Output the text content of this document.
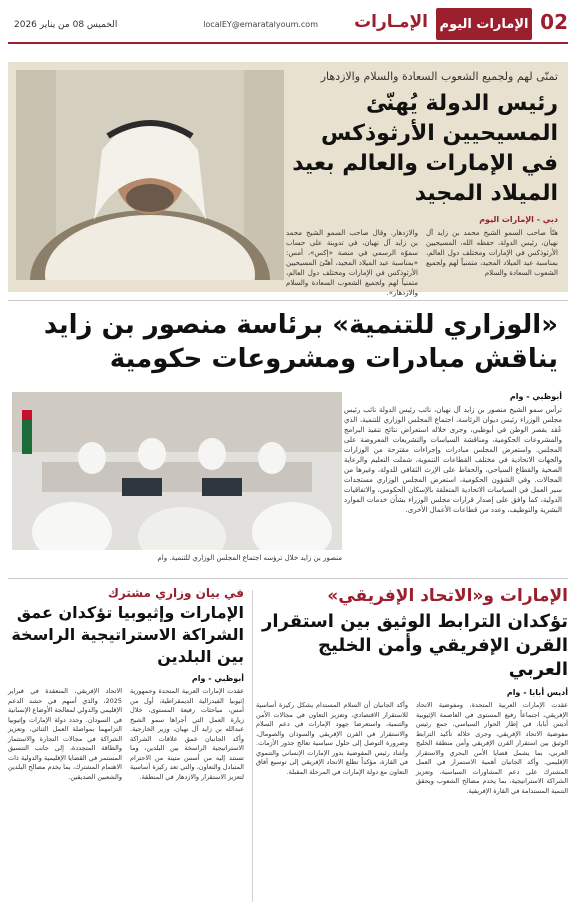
02
الإمارات اليوم
الإمـارات
localEY@emaratalyoum.com
الخميس 08 من يناير 2026
تمنّى لهم ولجميع الشعوب السعادة والسلام والازدهار
رئيس الدولة يُهنّئ المسيحيين الأرثوذكس في الإمارات والعالم بعيد الميلاد المجيد
دبي - الإمارات اليوم
هنّأ صاحب السمو الشيخ محمد بن زايد آل نهيان، رئيس الدولة، حفظه الله، المسيحيين الأرثوذكس في الإمارات ومختلف دول العالم، بمناسبة عيد الميلاد المجيد، متمنياً لهم ولجميع الشعوب السعادة والسلام
والازدهار. وقال صاحب السمو الشيخ محمد بن زايد آل نهيان، في تدوينة على حساب سموّه الرسمي في منصة «إكس»، أمس: «بمناسبة عيد الميلاد المجيد، أهنّئ المسيحيين الأرثوذكس في الإمارات ومختلف دول العالم، متمنياً لهم ولجميع الشعوب السعادة والسلام والازدهار».
«الوزاري للتنمية» برئاسة منصور بن زايد يناقش مبادرات ومشروعات حكومية
منصور بن زايد خلال ترؤسه اجتماع المجلس الوزاري للتنمية. وام
أبوظبي - وام
ترأس سمو الشيخ منصور بن زايد آل نهيان، نائب رئيس الدولة نائب رئيس مجلس الوزراء رئيس ديوان الرئاسة، اجتماع المجلس الوزاري للتنمية، الذي عُقد بقصر الوطن في أبوظبي، وجرى خلاله استعراض نتائج تنفيذ البرامج والمشروعات الحكومية، ومناقشة السياسات والتشريعات المعروضة على المجلس. واستعرض المجلس مبادرات وإجراءات مقترحة من الوزارات والجهات الاتحادية في مختلف القطاعات التنموية، شملت التعليم والرعاية الصحية والقطاع السياحي، والحفاظ على الإرث الثقافي للدولة، وغيرها من المجالات. وفي الشؤون الحكومية، استعرض المجلس الوزاري مستجدات سير العمل في السياسات الاتحادية المتعلقة بالإسكان الحكومي، والاتفاقيات الدولية، كما وافق على إصدار قرارات مجلس الوزراء بشأن خدمات الموارد البشرية والتوظيف، وعدد من قطاعات الأعمال الأخرى.
الإمارات و«الاتحاد الإفريقي»
تؤكدان الترابط الوثيق بين استقرار القرن الإفريقي وأمن الخليج العربي
أديس أبابا - وام
عقدت الإمارات العربية المتحدة، ومفوضية الاتحاد الإفريقي، اجتماعاً رفيع المستوى في العاصمة الإثيوبية أديس أبابا، في إطار الحوار السياسي، جمع رئيس مفوضية الاتحاد الإفريقي، وجرى خلاله تأكيد الترابط الوثيق بين استقرار القرن الإفريقي وأمن منطقة الخليج العربي، بما يشمل قضايا الأمن البحري والاستقرار الإقليمي. وأكد الجانبان أهمية الاستمرار في العمل المشترك على دعم المشاورات السياسية، وتعزيز الشراكة الاستراتيجية، بما يخدم مصالح الشعوب ويحقق التنمية المستدامة في القارة الإفريقية.
وأكد الجانبان أن السلام المستدام يشكل ركيزة أساسية للاستقرار الاقتصادي، وتعزيز التعاون في مجالات الأمن والتنمية، واستعرضا جهود الإمارات في دعم السلام والاستقرار في القرن الإفريقي والسودان والصومال، وضرورة التوصل إلى حلول سياسية تعالج جذور الأزمات. وأشاد رئيس المفوضية بدور الإمارات الإنساني والتنموي في القارة، مؤكداً تطلع الاتحاد الإفريقي إلى توسيع آفاق التعاون مع دولة الإمارات في المرحلة المقبلة.
في بيان وزاري مشترك
الإمارات وإثيوبيا تؤكدان عمق الشراكة الاستراتيجية الراسخة بين البلدين
أبوظبي - وام
عقدت الإمارات العربية المتحدة وجمهورية إثيوبيا الفيدرالية الديمقراطية، أول من أمس، مباحثات رفيعة المستوى، خلال زيارة العمل التي أجراها سمو الشيخ عبدالله بن زايد آل نهيان، وزير الخارجية. وأكد الجانبان عمق علاقات الشراكة الاستراتيجية الراسخة بين البلدين، وما تستند إليه من أسس متينة من الاحترام المتبادل والتعاون، والتي تعد ركيزة أساسية لتعزيز الاستقرار والازدهار في المنطقة.
الاتحاد الإفريقي، المنعقدة في فبراير 2025، والذي أسهم في حشد الدعم الإقليمي والدولي لمعالجة الأوضاع الإنسانية في السودان. وجدد دولة الإمارات وإثيوبيا التزامهما بمواصلة العمل الثنائي، وتعزيز الشراكة في مجالات التجارة والاستثمار والطاقة المتجددة، إلى جانب التنسيق المستمر في القضايا الإقليمية والدولية ذات الاهتمام المشترك، بما يخدم مصالح البلدين والشعبين الصديقين.
